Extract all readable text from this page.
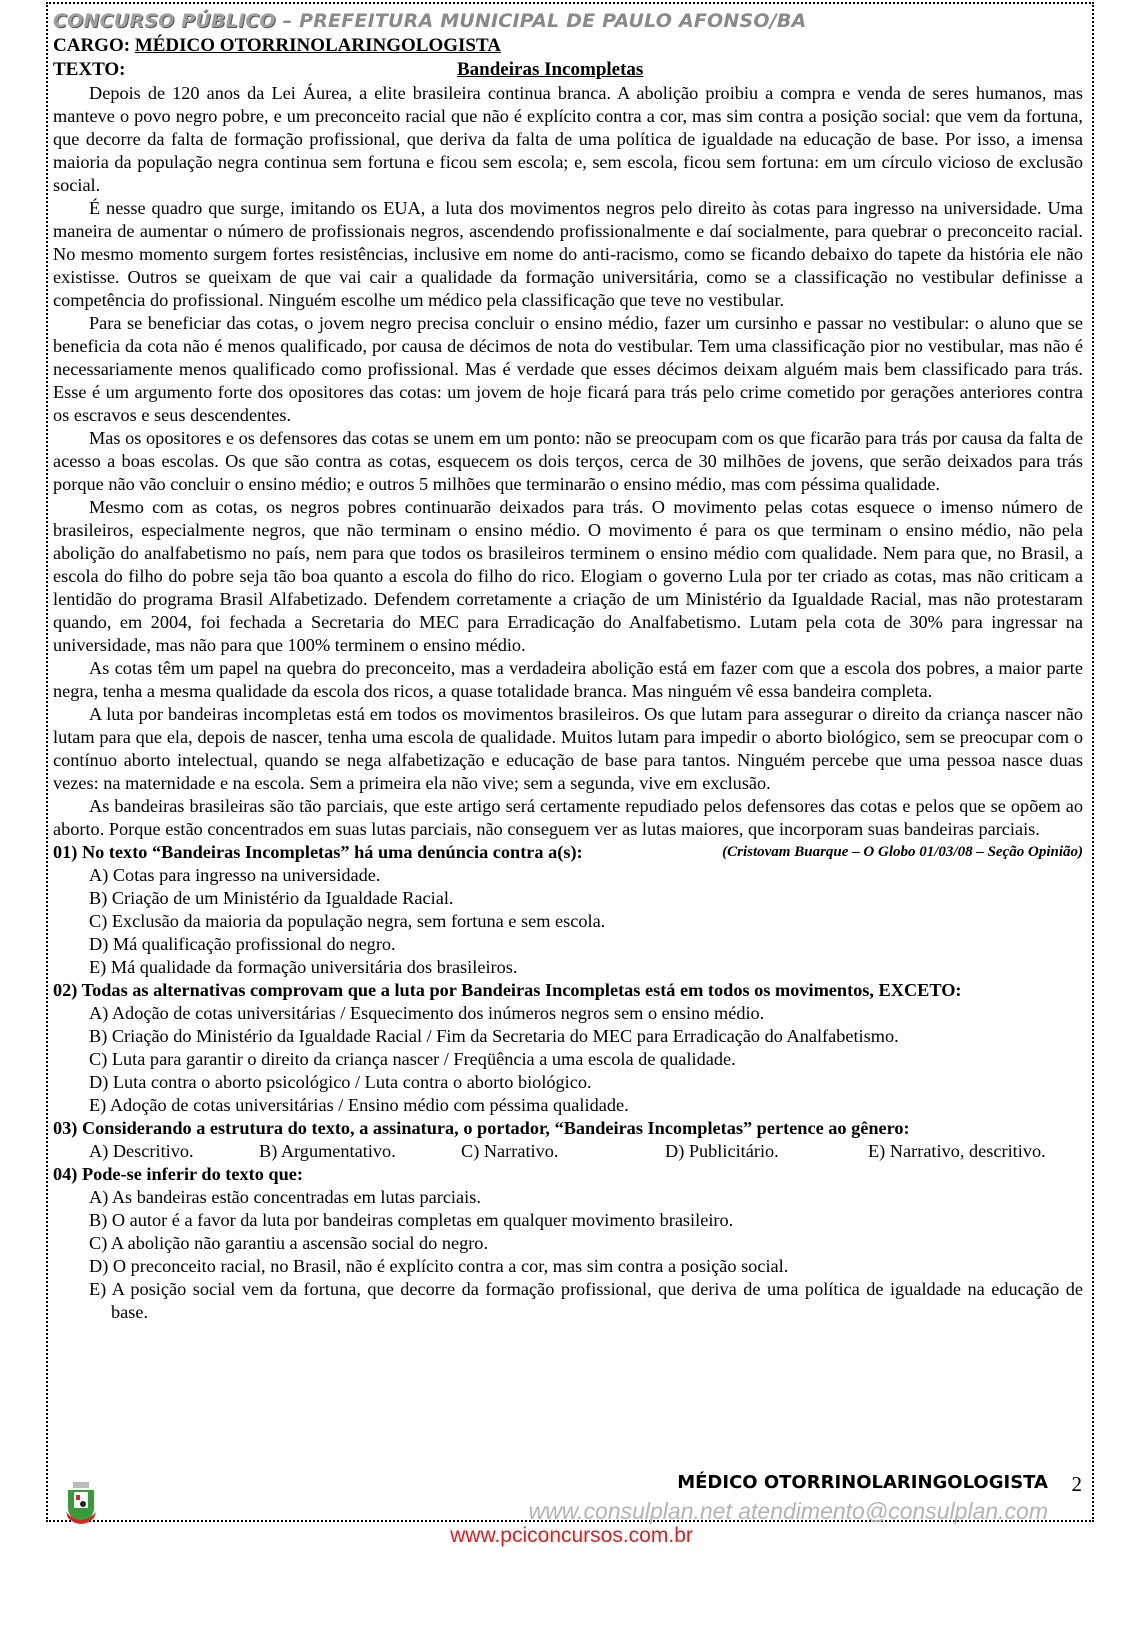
CONCURSO PÚBLICO – PREFEITURA MUNICIPAL DE PAULO AFONSO/BA
CARGO: MÉDICO OTORRINOLARINGOLOGISTA
TEXTO:	Bandeiras Incompletas

Depois de 120 anos da Lei Áurea, a elite brasileira continua branca. A abolição proibiu a compra e venda de seres humanos, mas manteve o povo negro pobre, e um preconceito racial que não é explícito contra a cor, mas sim contra a posição social: que vem da fortuna, que decorre da falta de formação profissional, que deriva da falta de uma política de igualdade na educação de base. Por isso, a imensa maioria da população negra continua sem fortuna e ficou sem escola; e, sem escola, ficou sem fortuna: em um círculo vicioso de exclusão social.

É nesse quadro que surge, imitando os EUA, a luta dos movimentos negros pelo direito às cotas para ingresso na universidade. Uma maneira de aumentar o número de profissionais negros, ascendendo profissionalmente e daí socialmente, para quebrar o preconceito racial. No mesmo momento surgem fortes resistências, inclusive em nome do anti-racismo, como se ficando debaixo do tapete da história ele não existisse. Outros se queixam de que vai cair a qualidade da formação universitária, como se a classificação no vestibular definisse a competência do profissional. Ninguém escolhe um médico pela classificação que teve no vestibular.

Para se beneficiar das cotas, o jovem negro precisa concluir o ensino médio, fazer um cursinho e passar no vestibular: o aluno que se beneficia da cota não é menos qualificado, por causa de décimos de nota do vestibular. Tem uma classificação pior no vestibular, mas não é necessariamente menos qualificado como profissional. Mas é verdade que esses décimos deixam alguém mais bem classificado para trás. Esse é um argumento forte dos opositores das cotas: um jovem de hoje ficará para trás pelo crime cometido por gerações anteriores contra os escravos e seus descendentes.

Mas os opositores e os defensores das cotas se unem em um ponto: não se preocupam com os que ficarão para trás por causa da falta de acesso a boas escolas. Os que são contra as cotas, esquecem os dois terços, cerca de 30 milhões de jovens, que serão deixados para trás porque não vão concluir o ensino médio; e outros 5 milhões que terminarão o ensino médio, mas com péssima qualidade.

Mesmo com as cotas, os negros pobres continuarão deixados para trás. O movimento pelas cotas esquece o imenso número de brasileiros, especialmente negros, que não terminam o ensino médio. O movimento é para os que terminam o ensino médio, não pela abolição do analfabetismo no país, nem para que todos os brasileiros terminem o ensino médio com qualidade. Nem para que, no Brasil, a escola do filho do pobre seja tão boa quanto a escola do filho do rico. Elogiam o governo Lula por ter criado as cotas, mas não criticam a lentidão do programa Brasil Alfabetizado. Defendem corretamente a criação de um Ministério da Igualdade Racial, mas não protestaram quando, em 2004, foi fechada a Secretaria do MEC para Erradicação do Analfabetismo. Lutam pela cota de 30% para ingressar na universidade, mas não para que 100% terminem o ensino médio.

As cotas têm um papel na quebra do preconceito, mas a verdadeira abolição está em fazer com que a escola dos pobres, a maior parte negra, tenha a mesma qualidade da escola dos ricos, a quase totalidade branca. Mas ninguém vê essa bandeira completa.

A luta por bandeiras incompletas está em todos os movimentos brasileiros. Os que lutam para assegurar o direito da criança nascer não lutam para que ela, depois de nascer, tenha uma escola de qualidade. Muitos lutam para impedir o aborto biológico, sem se preocupar com o contínuo aborto intelectual, quando se nega alfabetização e educação de base para tantos. Ninguém percebe que uma pessoa nasce duas vezes: na maternidade e na escola. Sem a primeira ela não vive; sem a segunda, vive em exclusão.

As bandeiras brasileiras são tão parciais, que este artigo será certamente repudiado pelos defensores das cotas e pelos que se opõem ao aborto. Porque estão concentrados em suas lutas parciais, não conseguem ver as lutas maiores, que incorporam suas bandeiras parciais.
(Cristovam Buarque – O Globo 01/03/08 – Seção Opinião)

01) No texto “Bandeiras Incompletas” há uma denúncia contra a(s):
A) Cotas para ingresso na universidade.
B) Criação de um Ministério da Igualdade Racial.
C) Exclusão da maioria da população negra, sem fortuna e sem escola.
D) Má qualificação profissional do negro.
E) Má qualidade da formação universitária dos brasileiros.
02) Todas as alternativas comprovam que a luta por Bandeiras Incompletas está em todos os movimentos, EXCETO:
A) Adoção de cotas universitárias / Esquecimento dos inúmeros negros sem o ensino médio.
B) Criação do Ministério da Igualdade Racial / Fim da Secretaria do MEC para Erradicação do Analfabetismo.
C) Luta para garantir o direito da criança nascer / Freqüência a uma escola de qualidade.
D) Luta contra o aborto psicológico / Luta contra o aborto biológico.
E) Adoção de cotas universitárias / Ensino médio com péssima qualidade.
03) Considerando a estrutura do texto, a assinatura, o portador, “Bandeiras Incompletas” pertence ao gênero:
A) Descritivo.	B) Argumentativo.	C) Narrativo.	D) Publicitário.	E) Narrativo, descritivo.
04) Pode-se inferir do texto que:
A) As bandeiras estão concentradas em lutas parciais.
B) O autor é a favor da luta por bandeiras completas em qualquer movimento brasileiro.
C) A abolição não garantiu a ascensão social do negro.
D) O preconceito racial, no Brasil, não é explícito contra a cor, mas sim contra a posição social.
E) A posição social vem da fortuna, que decorre da formação profissional, que deriva de uma política de igualdade na educação de base.
MÉDICO OTORRINOLARINGOLOGISTA 2
www.consulplan.net atendimento@consulplan.com
www.pciconcursos.com.br
